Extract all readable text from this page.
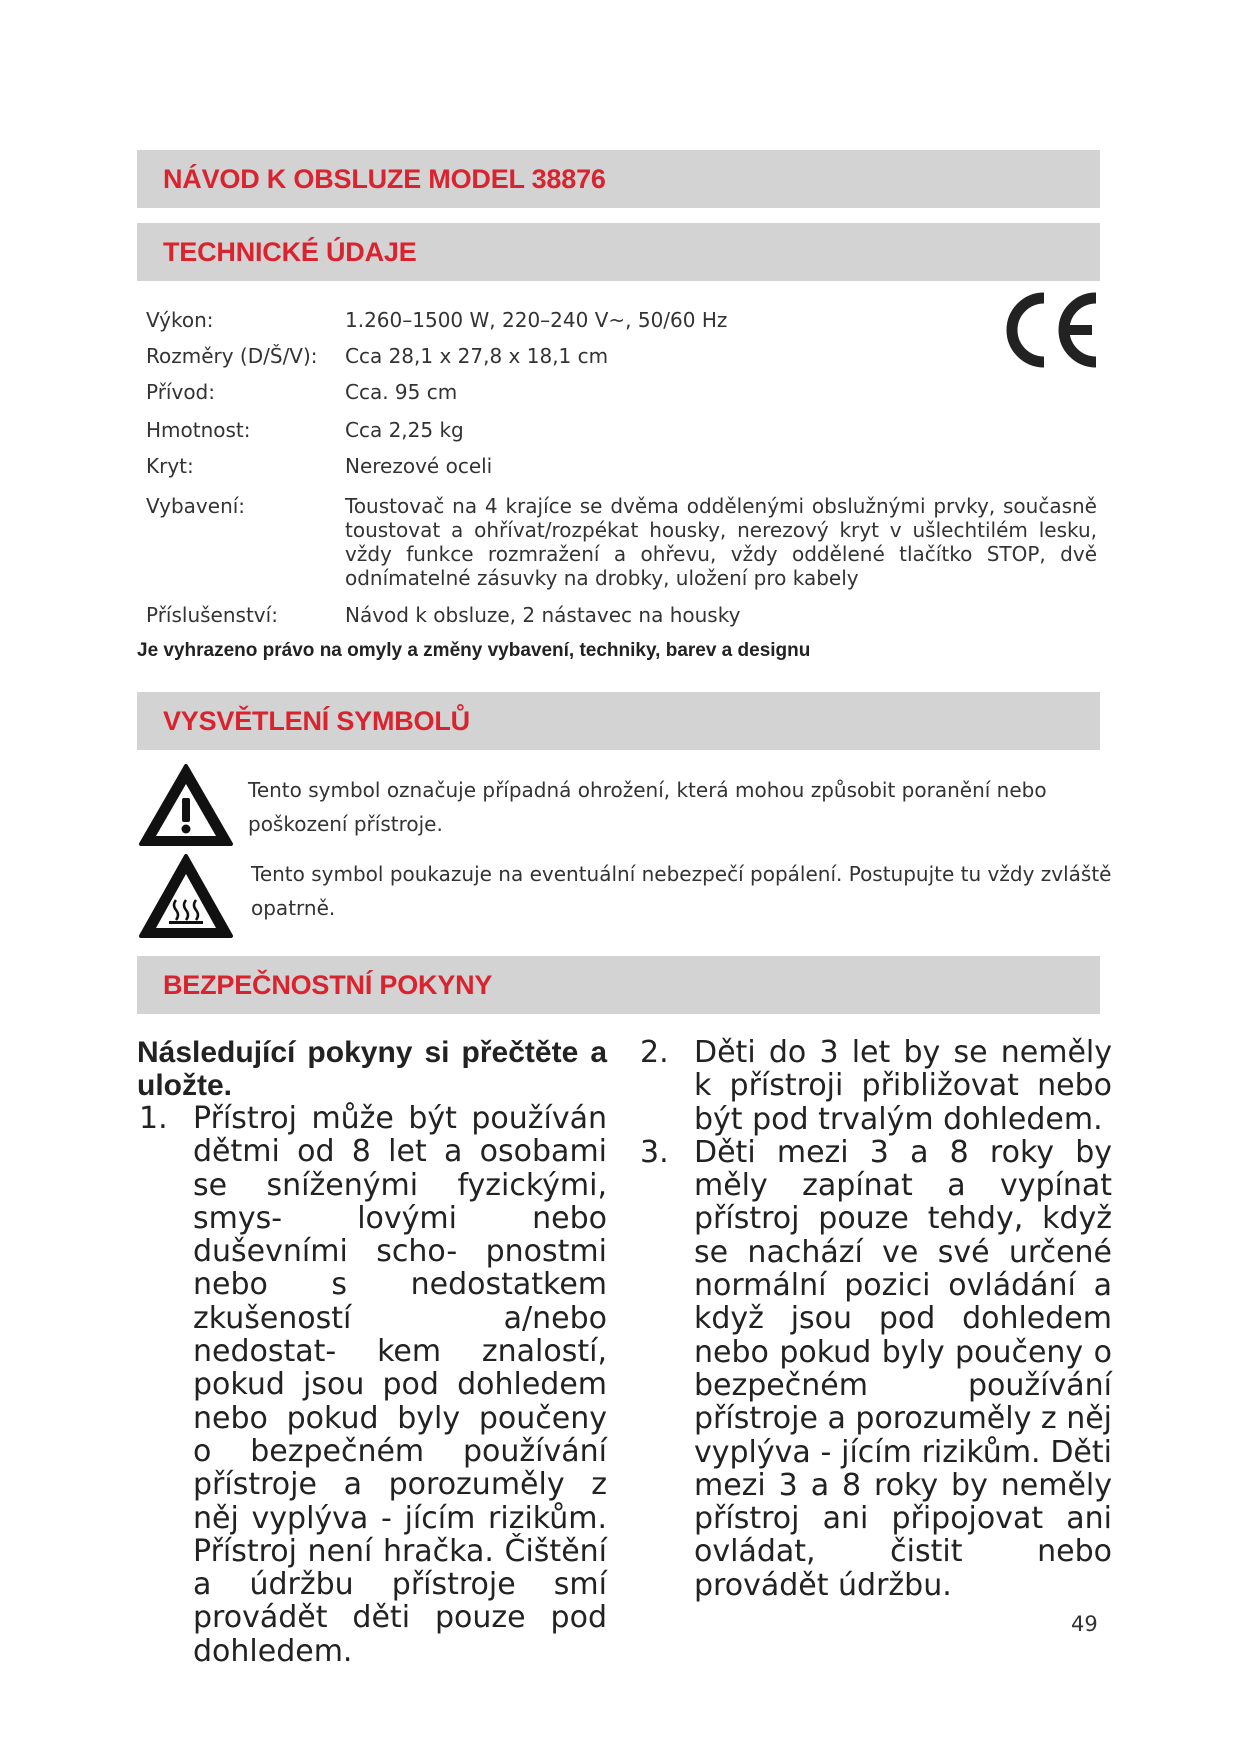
NÁVOD K OBSLUZE MODEL 38876
TECHNICKÉ ÚDAJE
Výkon:	1.260–1500 W, 220–240 V~, 50/60 Hz
Rozměry (D/Š/V): Cca 28,1 x 27,8 x 18,1 cm
Přívod:	Cca. 95 cm
Hmotnost:	Cca 2,25 kg
Kryt:	Nerezové oceli
Vybavení:	Toustovač na 4 krajíce se dvěma oddělenými obslužnými prvky, současně toustovat a ohřívat/rozpékat housky, nerezový kryt v ušlechtilém lesku, vždy funkce rozmražení a ohřevu, vždy oddělené tlačítko STOP, dvě odnímatelné zásuvky na drobky, uložení pro kabely
Příslušenství:	Návod k obsluze, 2 nástavec na housky
Je vyhrazeno právo na omyly a změny vybavení, techniky, barev a designu
VYSVĚTLENÍ SYMBOLŮ
Tento symbol označuje případná ohrožení, která mohou způsobit poranění nebo poškození přístroje.
Tento symbol poukazuje na eventuální nebezpečí popálení. Postupujte tu vždy zvláště opatrně.
BEZPEČNOSTNÍ POKYNY
Následující pokyny si přečtěte a uložte.
1. Přístroj může být používán dětmi od 8 let a osobami se sníženými fyzickými, smys- lovými nebo duševními scho- pnostmi nebo s nedostatkem zkušeností a/nebo nedostat- kem znalostí, pokud jsou pod dohledem nebo pokud byly poučeny o bezpečném používání přístroje a porozuměly z něj vyplýva - jícím rizikům. Přístroj není hračka. Čištění a údržbu přístroje smí provádět děti pouze pod dohledem.
2. Děti do 3 let by se neměly k přístroji přibližovat nebo být pod trvalým dohledem.
3. Děti mezi 3 a 8 roky by měly zapínat a vypínat přístroj pouze tehdy, když se nachází ve své určené normální pozici ovládání a když jsou pod dohledem nebo pokud byly poučeny o bezpečném používání přístroje a porozuměly z něj vyplýva - jícím rizikům. Děti mezi 3 a 8 roky by neměly přístroj ani připojovat ani ovládat, čistit nebo provádět údržbu.
49
